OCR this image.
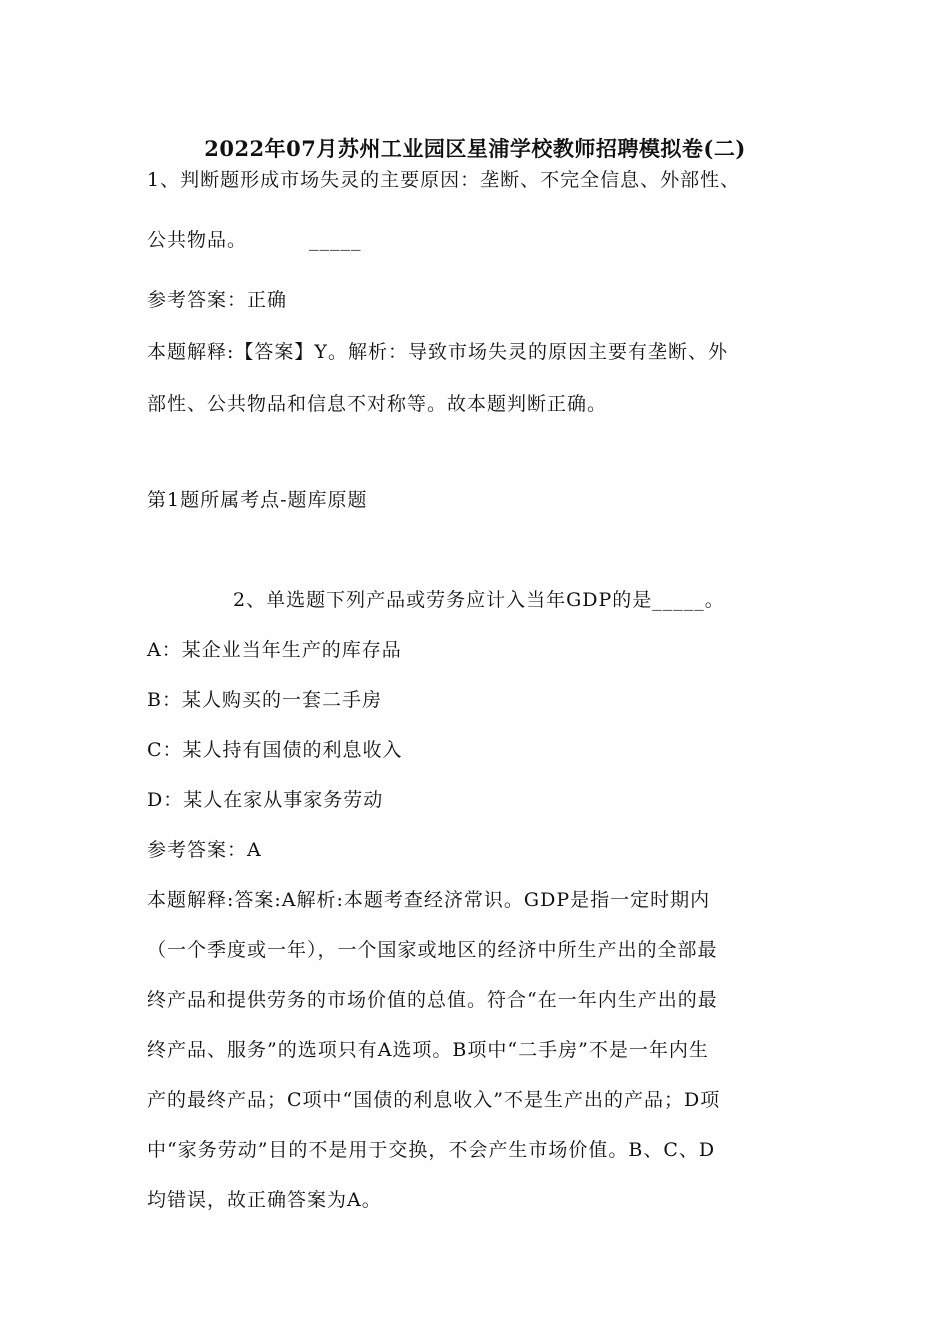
2022年07月苏州工业园区星浦学校教师招聘模拟卷(二)
1、判断题形成市场失灵的主要原因：垄断、不完全信息、外部性、
公共物品。	_____
参考答案：正确
本题解释:【答案】Y。解析：导致市场失灵的原因主要有垄断、外
部性、公共物品和信息不对称等。故本题判断正确。
第1题所属考点-题库原题
2、单选题下列产品或劳务应计入当年GDP的是_____。
A：某企业当年生产的库存品
B：某人购买的一套二手房
C：某人持有国债的利息收入
D：某人在家从事家务劳动
参考答案：A
本题解释:答案:A解析:本题考查经济常识。GDP是指一定时期内
（一个季度或一年），一个国家或地区的经济中所生产出的全部最
终产品和提供劳务的市场价值的总值。符合“在一年内生产出的最
终产品、服务”的选项只有A选项。B项中“二手房”不是一年内生
产的最终产品；C项中“国债的利息收入”不是生产出的产品；D项
中“家务劳动”目的不是用于交换，不会产生市场价值。B、C、D
均错误，故正确答案为A。
